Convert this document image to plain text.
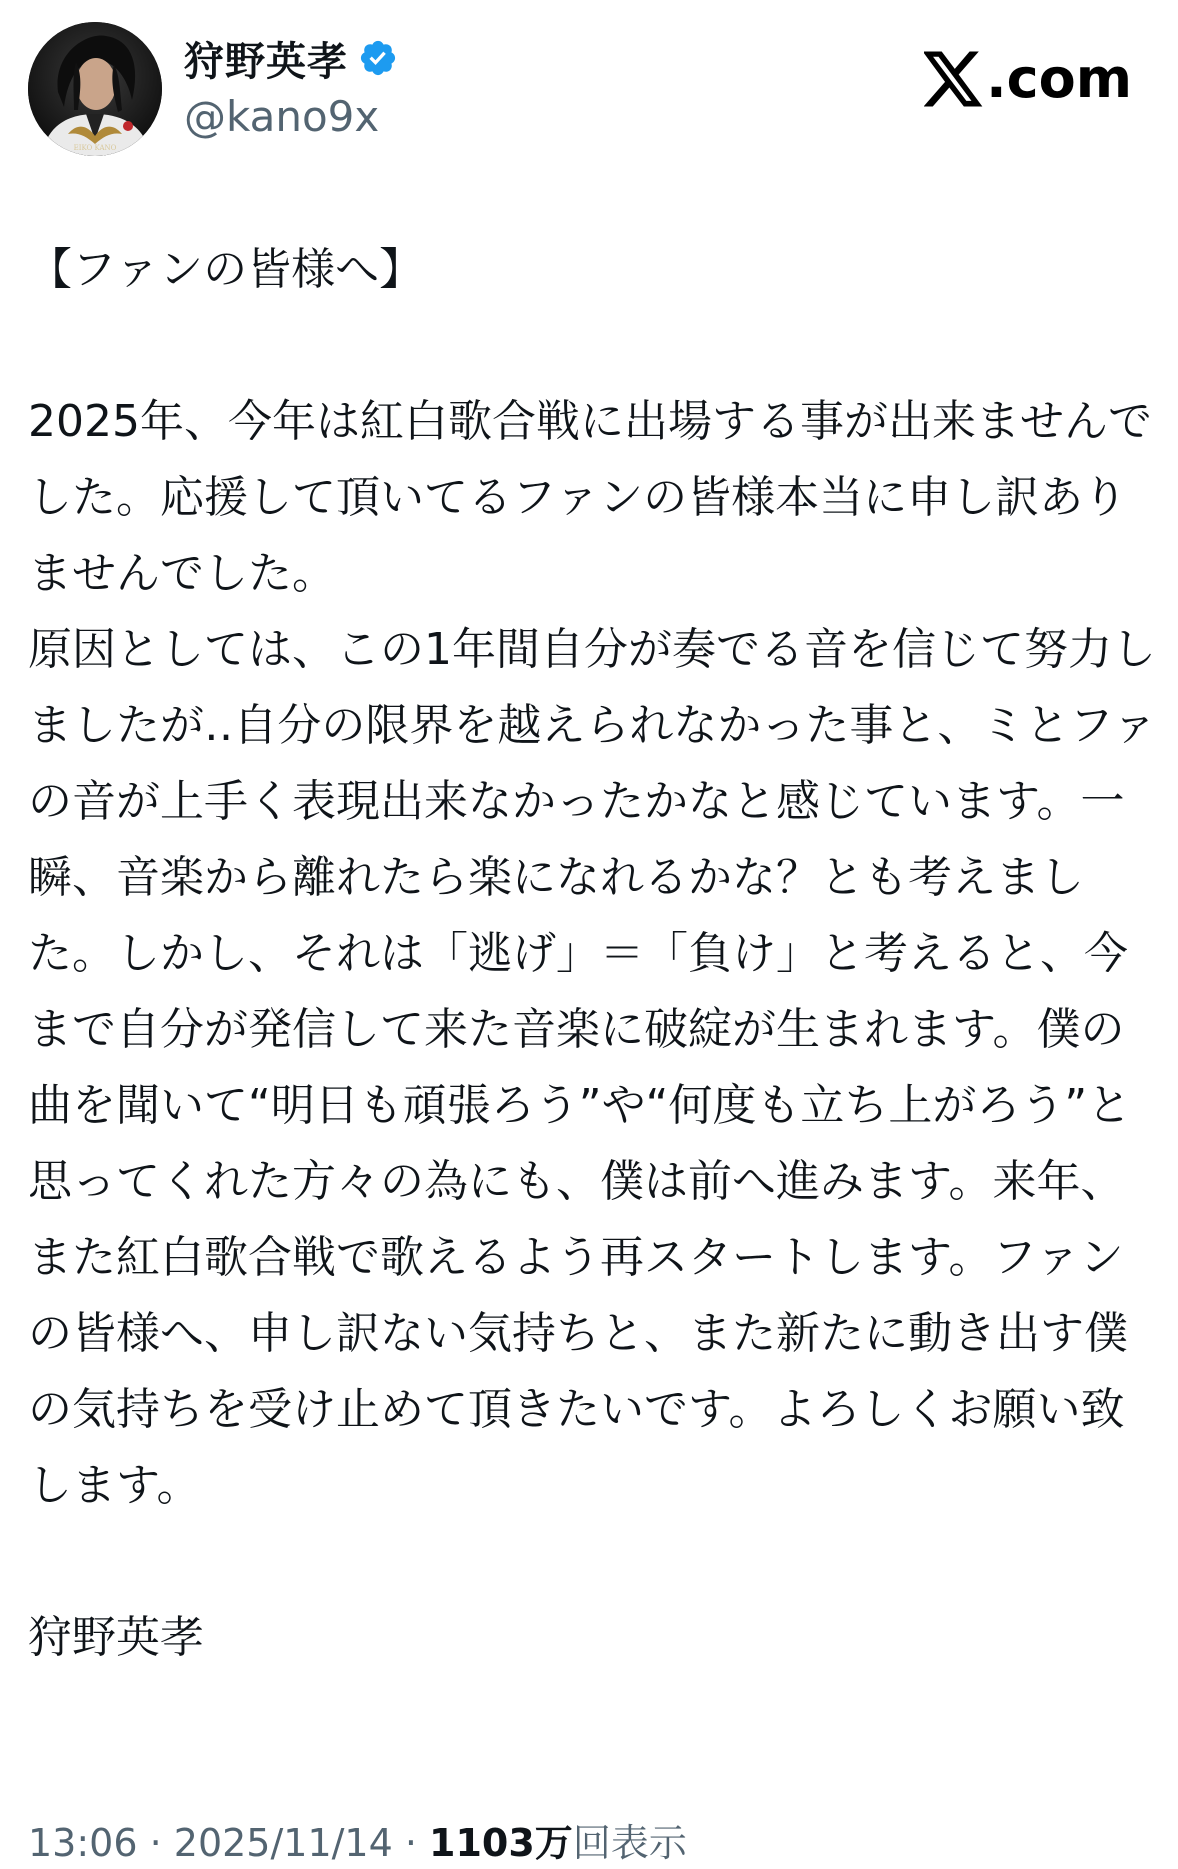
EIKO KANO
狩野英孝
@kano9x
.com
【ファンの皆様へ】

2025年、今年は紅白歌合戦に出場する事が出来ませんでした。応援して頂いてるファンの皆様本当に申し訳ありませんでした。
原因としては、この1年間自分が奏でる音を信じて努力しましたが‥自分の限界を越えられなかった事と、ミとファの音が上手く表現出来なかったかなと感じています。一瞬、音楽から離れたら楽になれるかな？とも考えました。しかし、それは「逃げ」＝「負け」と考えると、今まで自分が発信して来た音楽に破綻が生まれます。僕の曲を聞いて“明日も頑張ろう”や“何度も立ち上がろう”と思ってくれた方々の為にも、僕は前へ進みます。来年、また紅白歌合戦で歌えるよう再スタートします。ファンの皆様へ、申し訳ない気持ちと、また新たに動き出す僕の気持ちを受け止めて頂きたいです。よろしくお願い致します。

狩野英孝
13:06 · 2025/11/14 · 1103万回表示
